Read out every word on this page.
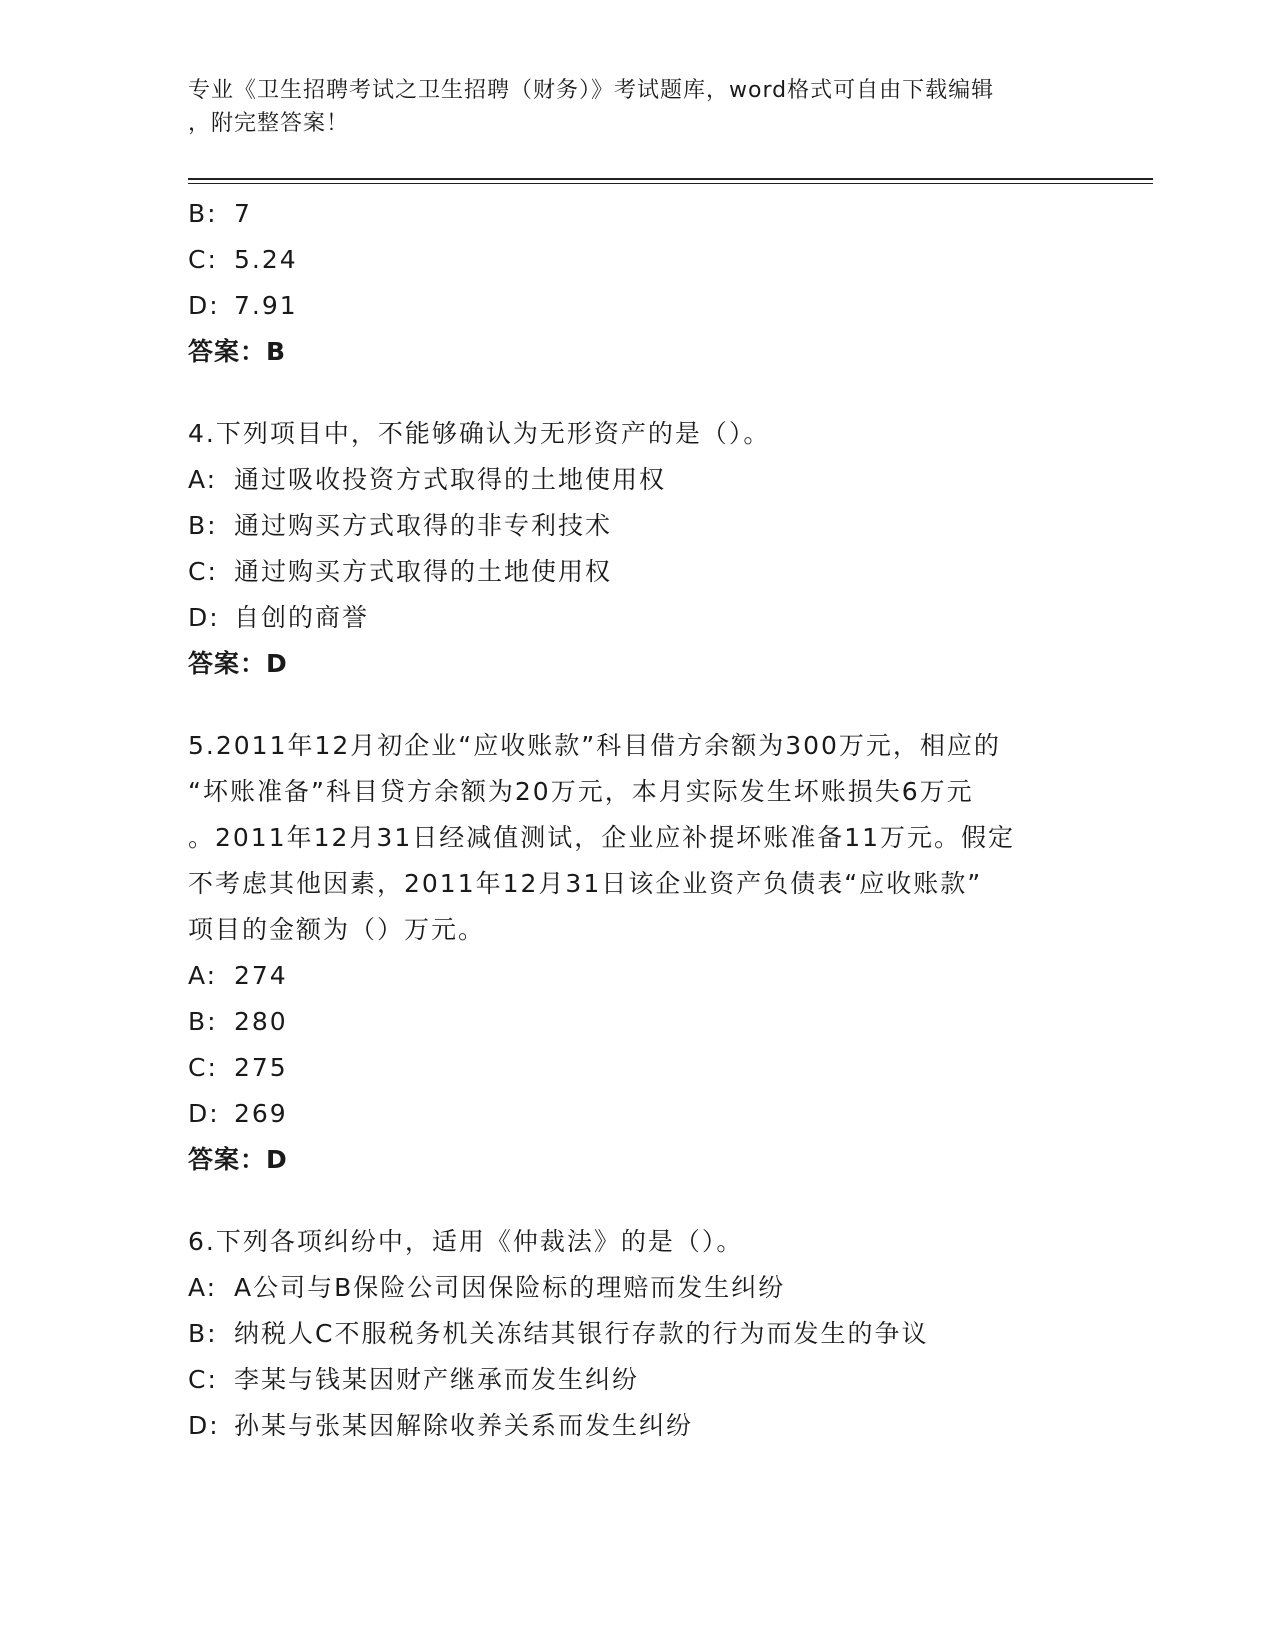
专业《卫生招聘考试之卫生招聘（财务）》考试题库，word格式可自由下载编辑
，附完整答案！
B: 7
C: 5.24
D: 7.91
答案：B
4.下列项目中，不能够确认为无形资产的是（）。
A: 通过吸收投资方式取得的土地使用权
B: 通过购买方式取得的非专利技术
C: 通过购买方式取得的土地使用权
D: 自创的商誉
答案：D
5.2011年12月初企业“应收账款”科目借方余额为300万元，相应的
“坏账准备”科目贷方余额为20万元，本月实际发生坏账损失6万元
。2011年12月31日经减值测试，企业应补提坏账准备11万元。假定
不考虑其他因素，2011年12月31日该企业资产负债表“应收账款”
项目的金额为（）万元。
A: 274
B: 280
C: 275
D: 269
答案：D
6.下列各项纠纷中，适用《仲裁法》的是（）。
A: A公司与B保险公司因保险标的理赔而发生纠纷
B: 纳税人C不服税务机关冻结其银行存款的行为而发生的争议
C: 李某与钱某因财产继承而发生纠纷
D: 孙某与张某因解除收养关系而发生纠纷
